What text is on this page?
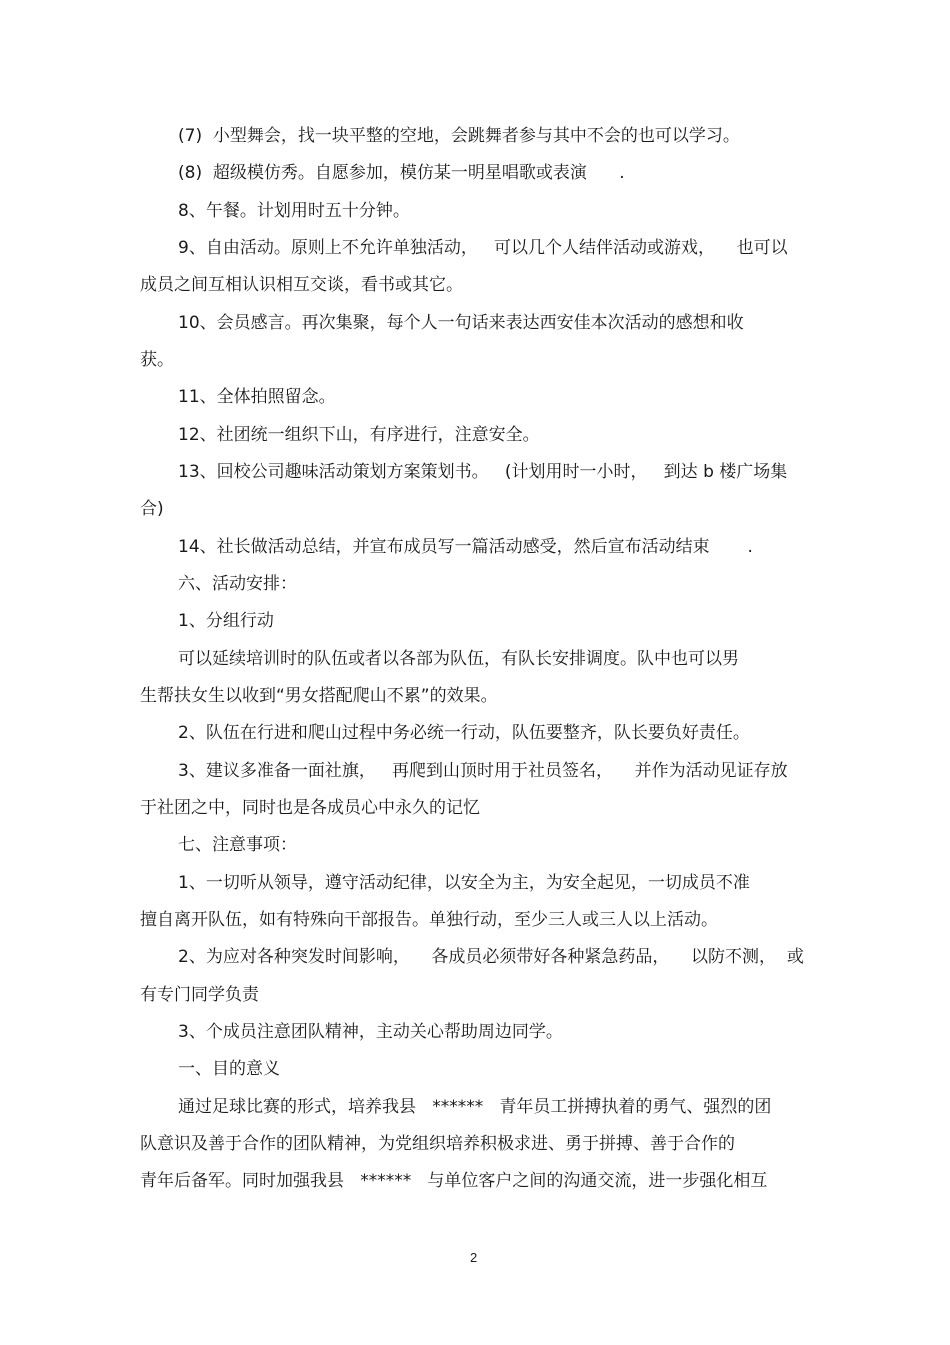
(7)  小型舞会，找一块平整的空地，会跳舞者参与其中不会的也可以学习。
(8)  超级模仿秀。自愿参加，模仿某一明星唱歌或表演      .
8、午餐。计划用时五十分钟。
9、自由活动。原则上不允许单独活动，   可以几个人结伴活动或游戏，    也可以
成员之间互相认识相互交谈，看书或其它。
10、会员感言。再次集聚，每个人一句话来表达西安佳本次活动的感想和收
获。
11、全体拍照留念。
12、社团统一组织下山，有序进行，注意安全。
13、回校公司趣味活动策划方案策划书。   (计划用时一小时，   到达 b 楼广场集
合)
14、社长做活动总结，并宣布成员写一篇活动感受，然后宣布活动结束       .
六、活动安排：
1、分组行动
可以延续培训时的队伍或者以各部为队伍，有队长安排调度。队中也可以男
生帮扶女生以收到“男女搭配爬山不累”的效果。
2、队伍在行进和爬山过程中务必统一行动，队伍要整齐，队长要负好责任。
3、建议多准备一面社旗，   再爬到山顶时用于社员签名，    并作为活动见证存放
于社团之中，同时也是各成员心中永久的记忆
七、注意事项：
1、一切听从领导，遵守活动纪律，以安全为主，为安全起见，一切成员不准
擅自离开队伍，如有特殊向干部报告。单独行动，至少三人或三人以上活动。
2、为应对各种突发时间影响，    各成员必须带好各种紧急药品，    以防不测，  或
有专门同学负责
3、个成员注意团队精神，主动关心帮助周边同学。
一、目的意义
通过足球比赛的形式，培养我县   ******   青年员工拼搏执着的勇气、强烈的团
队意识及善于合作的团队精神，为党组织培养积极求进、勇于拼搏、善于合作的
青年后备军。同时加强我县   ******   与单位客户之间的沟通交流，进一步强化相互
2
